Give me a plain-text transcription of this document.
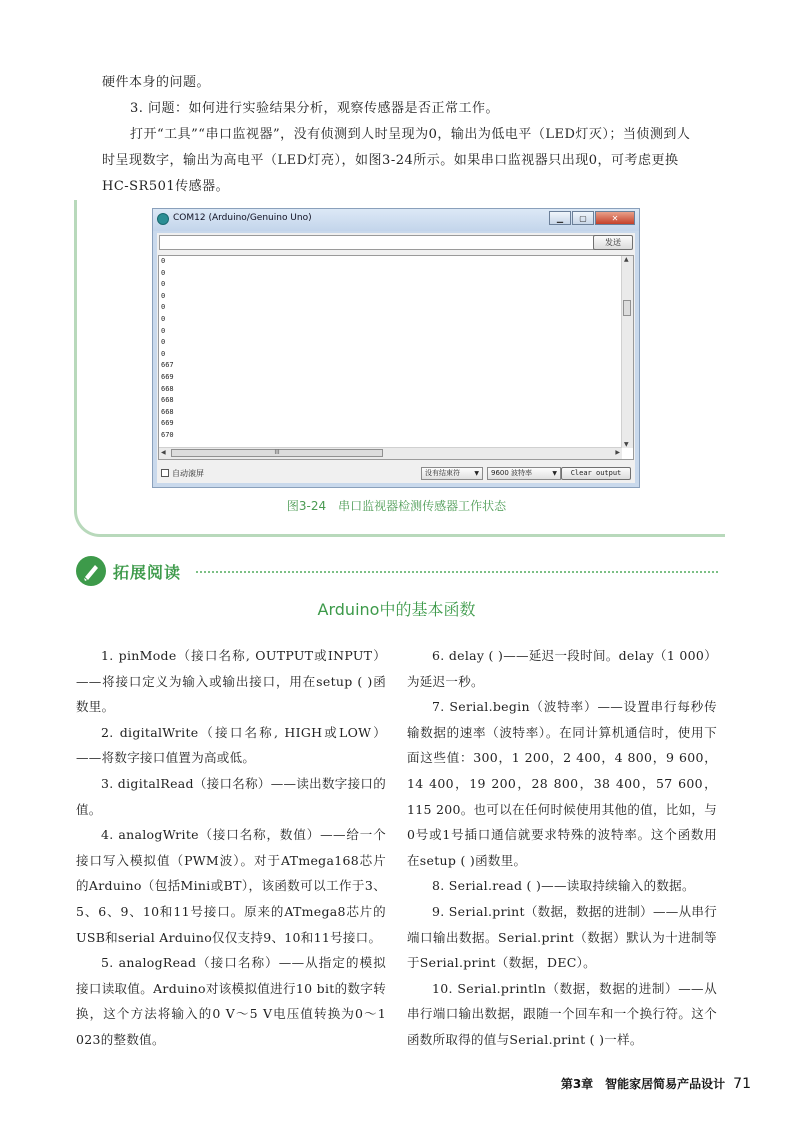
硬件本身的问题。

3. 问题：如何进行实验结果分析，观察传感器是否正常工作。

打开“工具”“串口监视器”，没有侦测到人时呈现为0，输出为低电平（LED灯灭）；当侦测到人时呈现数字，输出为高电平（LED灯亮），如图3-24所示。如果串口监视器只出现0，可考虑更换HC-SR501传感器。

COM12 (Arduino/Genuino Uno)	▁	▢	✕
发送
0
0
0
0
0
0
0
0
0
667
669
668
668
668
669
670
▲
▼
◀	III	▶
自动滚屏	没有结束符 ▼	9600 波特率	▼	Clear output
图3-24　串口监视器检测传感器工作状态
拓展阅读
Arduino中的基本函数

1. pinMode（接口名称, OUTPUT或INPUT）——将接口定义为输入或输出接口，用在setup ( )函数里。

2. digitalWrite（接口名称, HIGH或LOW）——将数字接口值置为高或低。

3. digitalRead（接口名称）——读出数字接口的值。

4. analogWrite（接口名称，数值）——给一个接口写入模拟值（PWM波）。对于ATmega168芯片的Arduino（包括Mini或BT），该函数可以工作于3、5、6、9、10和11号接口。原来的ATmega8芯片的USB和serial Arduino仅仅支持9、10和11号接口。

5. analogRead（接口名称）——从指定的模拟接口读取值。Arduino对该模拟值进行10 bit的数字转换，这个方法将输入的0 V～5 V电压值转换为0～1 023的整数值。

6. delay ( )——延迟一段时间。delay（1 000）为延迟一秒。

7. Serial.begin（波特率）——设置串行每秒传输数据的速率（波特率）。在同计算机通信时，使用下面这些值：300，1 200，2 400，4 800，9 600，14 400，19 200，28 800，38 400，57 600，115 200。也可以在任何时候使用其他的值，比如，与0号或1号插口通信就要求特殊的波特率。这个函数用在setup ( )函数里。

8. Serial.read ( )——读取持续输入的数据。

9. Serial.print（数据，数据的进制）——从串行端口输出数据。Serial.print（数据）默认为十进制等于Serial.print（数据，DEC）。

10. Serial.println（数据，数据的进制）——从串行端口输出数据，跟随一个回车和一个换行符。这个函数所取得的值与Serial.print ( )一样。

第3章　智能家居简易产品设计 71
